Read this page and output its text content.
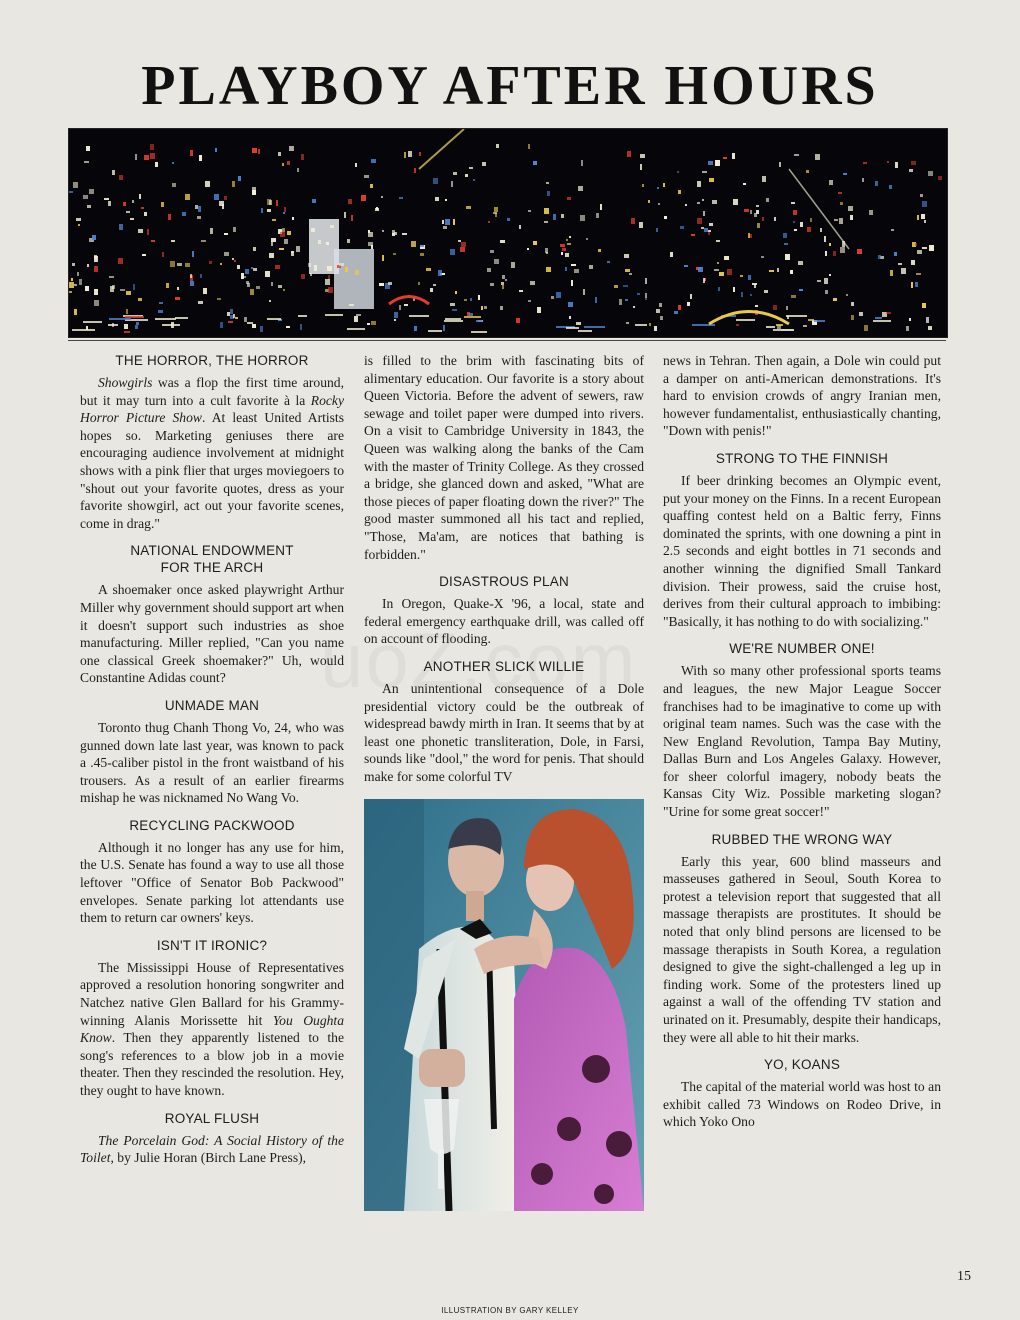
PLAYBOY AFTER HOURS
THE HORROR, THE HORROR

Showgirls was a flop the first time around, but it may turn into a cult favorite à la Rocky Horror Picture Show. At least United Artists hopes so. Marketing geniuses there are encouraging audience involvement at midnight shows with a pink flier that urges moviegoers to "shout out your favorite quotes, dress as your favorite showgirl, act out your favorite scenes, come in drag."

NATIONAL ENDOWMENT
FOR THE ARCH

A shoemaker once asked playwright Arthur Miller why government should support art when it doesn't support such industries as shoe manufacturing. Miller replied, "Can you name one classical Greek shoemaker?" Uh, would Constantine Adidas count?

UNMADE MAN

Toronto thug Chanh Thong Vo, 24, who was gunned down late last year, was known to pack a .45-caliber pistol in the front waistband of his trousers. As a result of an earlier firearms mishap he was nicknamed No Wang Vo.

RECYCLING PACKWOOD

Although it no longer has any use for him, the U.S. Senate has found a way to use all those leftover "Office of Senator Bob Packwood" envelopes. Senate parking lot attendants use them to return car owners' keys.

ISN'T IT IRONIC?

The Mississippi House of Representatives approved a resolution honoring songwriter and Natchez native Glen Ballard for his Grammy-winning Alanis Morissette hit You Oughta Know. Then they apparently listened to the song's references to a blow job in a movie theater. Then they rescinded the resolution. Hey, they ought to have known.

ROYAL FLUSH

The Porcelain God: A Social History of the Toilet, by Julie Horan (Birch Lane Press),

is filled to the brim with fascinating bits of alimentary education. Our favorite is a story about Queen Victoria. Before the advent of sewers, raw sewage and toilet paper were dumped into rivers. On a visit to Cambridge University in 1843, the Queen was walking along the banks of the Cam with the master of Trinity College. As they crossed a bridge, she glanced down and asked, "What are those pieces of paper floating down the river?" The good master summoned all his tact and replied, "Those, Ma'am, are notices that bathing is forbidden."

DISASTROUS PLAN

In Oregon, Quake-X '96, a local, state and federal emergency earthquake drill, was called off on account of flooding.

ANOTHER SLICK WILLIE

An unintentional consequence of a Dole presidential victory could be the outbreak of widespread bawdy mirth in Iran. It seems that by at least one phonetic transliteration, Dole, in Farsi, sounds like "dool," the word for penis. That should make for some colorful TV

news in Tehran. Then again, a Dole win could put a damper on anti-American demonstrations. It's hard to envision crowds of angry Iranian men, however fundamentalist, enthusiastically chanting, "Down with penis!"

STRONG TO THE FINNISH

If beer drinking becomes an Olympic event, put your money on the Finns. In a recent European quaffing contest held on a Baltic ferry, Finns dominated the sprints, with one downing a pint in 2.5 seconds and eight bottles in 71 seconds and another winning the dignified Small Tankard division. Their prowess, said the cruise host, derives from their cultural approach to imbibing: "Basically, it has nothing to do with socializing."

WE'RE NUMBER ONE!

With so many other professional sports teams and leagues, the new Major League Soccer franchises had to be imaginative to come up with original team names. Such was the case with the New England Revolution, Tampa Bay Mutiny, Dallas Burn and Los Angeles Galaxy. However, for sheer colorful imagery, nobody beats the Kansas City Wiz. Possible marketing slogan? "Urine for some great soccer!"

RUBBED THE WRONG WAY

Early this year, 600 blind masseurs and masseuses gathered in Seoul, South Korea to protest a television report that suggested that all massage therapists are prostitutes. It should be noted that only blind persons are licensed to be massage therapists in South Korea, a regulation designed to give the sight-challenged a leg up in finding work. Some of the protesters lined up against a wall of the offending TV station and urinated on it. Presumably, despite their handicaps, they were all able to hit their marks.

YO, KOANS

The capital of the material world was host to an exhibit called 73 Windows on Rodeo Drive, in which Yoko Ono

15
ILLUSTRATION BY GARY KELLEY
